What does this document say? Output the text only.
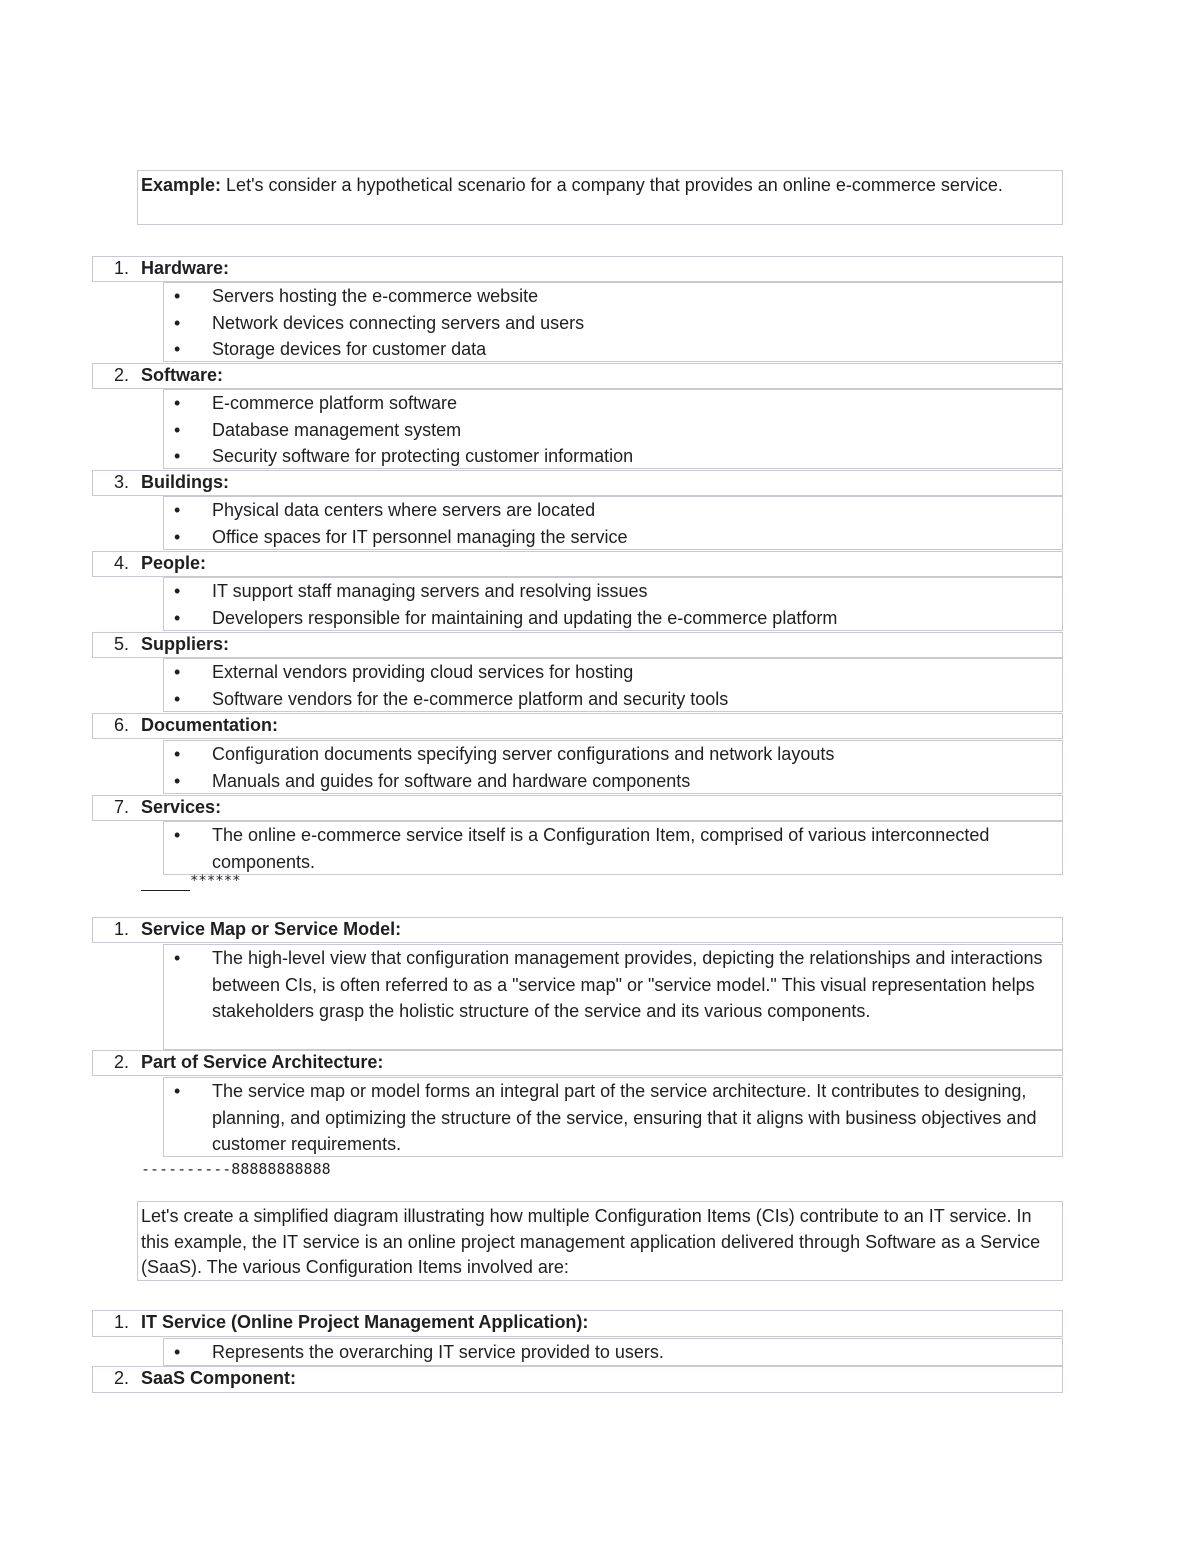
Example: Let's consider a hypothetical scenario for a company that provides an online e-commerce service.
1. Hardware:
• Servers hosting the e-commerce website
• Network devices connecting servers and users
• Storage devices for customer data
2. Software:
• E-commerce platform software
• Database management system
• Security software for protecting customer information
3. Buildings:
• Physical data centers where servers are located
• Office spaces for IT personnel managing the service
4. People:
• IT support staff managing servers and resolving issues
• Developers responsible for maintaining and updating the e-commerce platform
5. Suppliers:
• External vendors providing cloud services for hosting
• Software vendors for the e-commerce platform and security tools
6. Documentation:
• Configuration documents specifying server configurations and network layouts
• Manuals and guides for software and hardware components
7. Services:
• The online e-commerce service itself is a Configuration Item, comprised of various interconnected components.
******
1. Service Map or Service Model:
• The high-level view that configuration management provides, depicting the relationships and interactions between CIs, is often referred to as a "service map" or "service model." This visual representation helps stakeholders grasp the holistic structure of the service and its various components.
2. Part of Service Architecture:
• The service map or model forms an integral part of the service architecture. It contributes to designing, planning, and optimizing the structure of the service, ensuring that it aligns with business objectives and customer requirements.
----------88888888888
Let's create a simplified diagram illustrating how multiple Configuration Items (CIs) contribute to an IT service. In this example, the IT service is an online project management application delivered through Software as a Service (SaaS). The various Configuration Items involved are:
1. IT Service (Online Project Management Application):
• Represents the overarching IT service provided to users.
2. SaaS Component:
